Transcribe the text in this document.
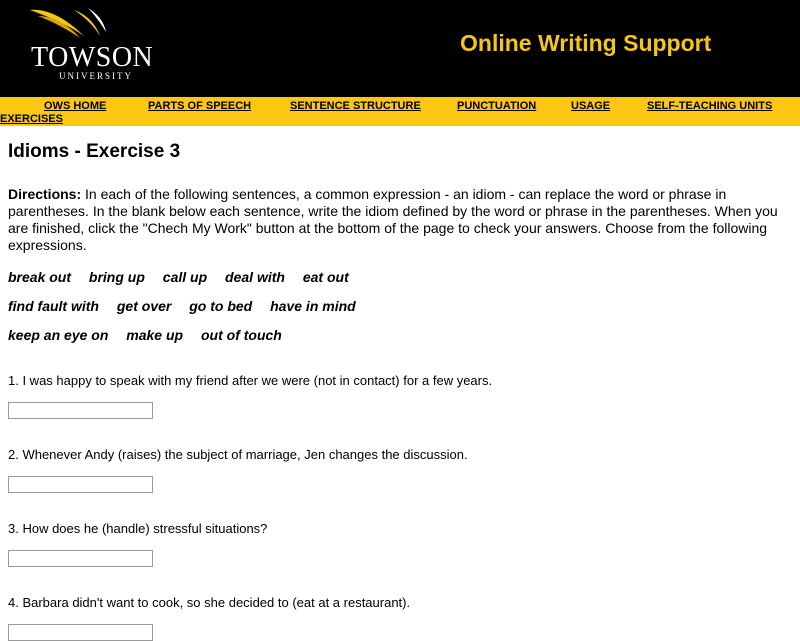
TOWSON
UNIVERSITY
Online Writing Support
OWS HOME	PARTS OF SPEECH	SENTENCE STRUCTURE	PUNCTUATION	USAGE	SELF-TEACHING UNITS
EXERCISES
Idioms - Exercise 3
Directions: In each of the following sentences, a common expression - an idiom - can replace the word or phrase in parentheses. In the blank below each sentence, write the idiom defined by the word or phrase in the parentheses. When you are finished, click the "Chech My Work" button at the bottom of the page to check your answers. Choose from the following expressions.
break out bring up call up deal with eat out
find fault with get over go to bed have in mind
keep an eye on make up out of touch
1. I was happy to speak with my friend after we were (not in contact) for a few years.
2. Whenever Andy (raises) the subject of marriage, Jen changes the discussion.
3. How does he (handle) stressful situations?
4. Barbara didn't want to cook, so she decided to (eat at a restaurant).
